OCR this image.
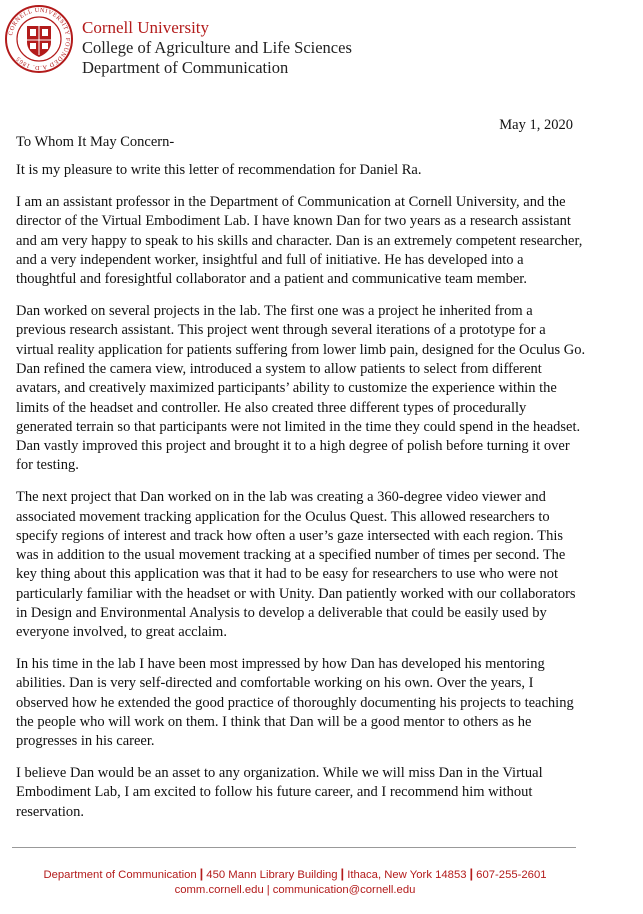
CORNELL UNIVERSITY FOUNDED A.D. 1865
Cornell University
College of Agriculture and Life Sciences
Department of Communication
May 1, 2020

To Whom It May Concern-

It is my pleasure to write this letter of recommendation for Daniel Ra.

I am an assistant professor in the Department of Communication at Cornell University, and the director of the Virtual Embodiment Lab. I have known Dan for two years as a research assistant and am very happy to speak to his skills and character. Dan is an extremely competent researcher, and a very independent worker, insightful and full of initiative. He has developed into a thoughtful and foresightful collaborator and a patient and communicative team member.

Dan worked on several projects in the lab. The first one was a project he inherited from a previous research assistant. This project went through several iterations of a prototype for a virtual reality application for patients suffering from lower limb pain, designed for the Oculus Go. Dan refined the camera view, introduced a system to allow patients to select from different avatars, and creatively maximized participants’ ability to customize the experience within the limits of the headset and controller. He also created three different types of procedurally generated terrain so that participants were not limited in the time they could spend in the headset. Dan vastly improved this project and brought it to a high degree of polish before turning it over for testing.

The next project that Dan worked on in the lab was creating a 360-degree video viewer and associated movement tracking application for the Oculus Quest. This allowed researchers to specify regions of interest and track how often a user’s gaze intersected with each region. This was in addition to the usual movement tracking at a specified number of times per second. The key thing about this application was that it had to be easy for researchers to use who were not particularly familiar with the headset or with Unity. Dan patiently worked with our collaborators in Design and Environmental Analysis to develop a deliverable that could be easily used by everyone involved, to great acclaim.

In his time in the lab I have been most impressed by how Dan has developed his mentoring abilities. Dan is very self-directed and comfortable working on his own. Over the years, I observed how he extended the good practice of thoroughly documenting his projects to teaching the people who will work on them. I think that Dan will be a good mentor to others as he progresses in his career.

I believe Dan would be an asset to any organization. While we will miss Dan in the Virtual Embodiment Lab, I am excited to follow his future career, and I recommend him without reservation.

Department of Communication | 450 Mann Library Building | Ithaca, New York 14853 | 607-255-2601
comm.cornell.edu | communication@cornell.edu
